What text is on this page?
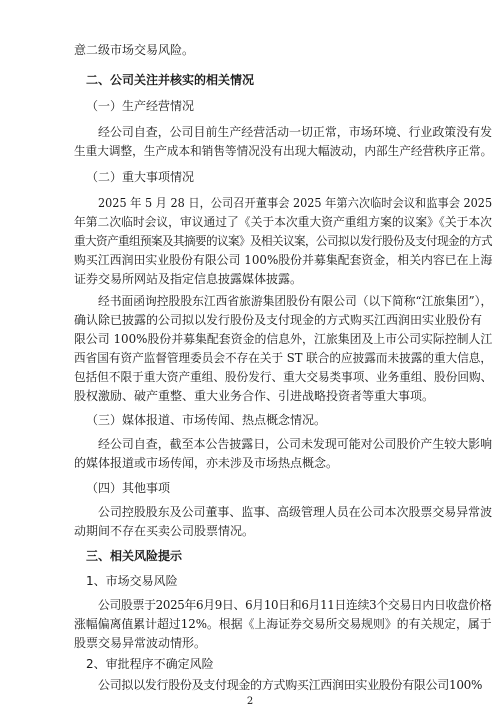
意二级市场交易风险。
二、公司关注并核实的相关情况
（一）生产经营情况
经公司自查，公司目前生产经营活动一切正常，市场环境、行业政策没有发
生重大调整，生产成本和销售等情况没有出现大幅波动，内部生产经营秩序正常。
（二）重大事项情况
2025 年 5 月 28 日，公司召开董事会 2025 年第六次临时会议和监事会 2025
年第二次临时会议，审议通过了《关于本次重大资产重组方案的议案》《关于本次
重大资产重组预案及其摘要的议案》及相关议案，公司拟以发行股份及支付现金的方式
购买江西润田实业股份有限公司 100%股份并募集配套资金，相关内容已在上海
证券交易所网站及指定信息披露媒体披露。
经书面函询控股股东江西省旅游集团股份有限公司（以下简称“江旅集团”），
确认除已披露的公司拟以发行股份及支付现金的方式购买江西润田实业股份有
限公司 100%股份并募集配套资金的信息外，江旅集团及上市公司实际控制人江
西省国有资产监督管理委员会不存在关于 ST 联合的应披露而未披露的重大信息，
包括但不限于重大资产重组、股份发行、重大交易类事项、业务重组、股份回购、
股权激励、破产重整、重大业务合作、引进战略投资者等重大事项。
（三）媒体报道、市场传闻、热点概念情况。
经公司自查，截至本公告披露日，公司未发现可能对公司股价产生较大影响
的媒体报道或市场传闻，亦未涉及市场热点概念。
（四）其他事项
公司控股股东及公司董事、监事、高级管理人员在公司本次股票交易异常波
动期间不存在买卖公司股票情况。
三、相关风险提示
1、市场交易风险
公司股票于2025年6月9日、6月10日和6月11日连续3个交易日内日收盘价格
涨幅偏离值累计超过12%。根据《上海证券交易所交易规则》的有关规定，属于
股票交易异常波动情形。
2、审批程序不确定风险
公司拟以发行股份及支付现金的方式购买江西润田实业股份有限公司100%
2
